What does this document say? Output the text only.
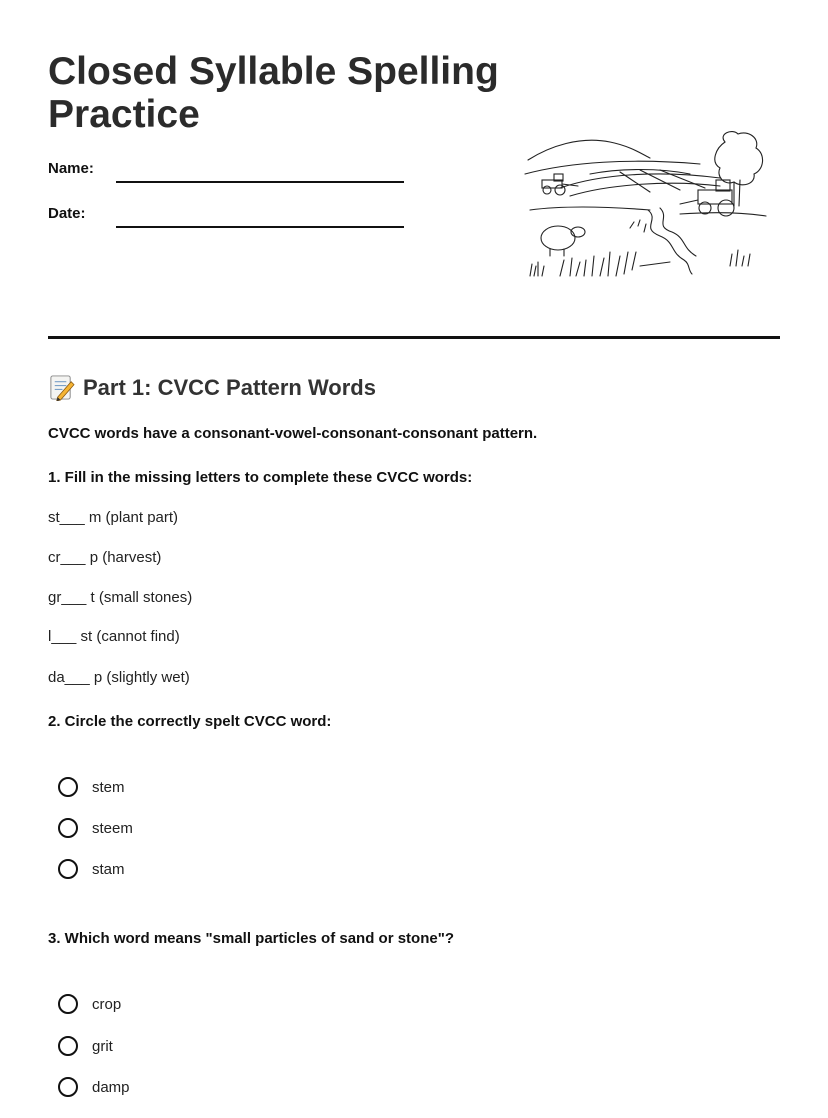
Closed Syllable Spelling Practice
Name:
Date:
Part 1: CVCC Pattern Words
CVCC words have a consonant-vowel-consonant-consonant pattern.
1. Fill in the missing letters to complete these CVCC words:
st___ m (plant part)
cr___ p (harvest)
gr___ t (small stones)
l___ st (cannot find)
da___ p (slightly wet)
2. Circle the correctly spelt CVCC word:
stem
steem
stam
3. Which word means "small particles of sand or stone"?
crop
grit
damp
